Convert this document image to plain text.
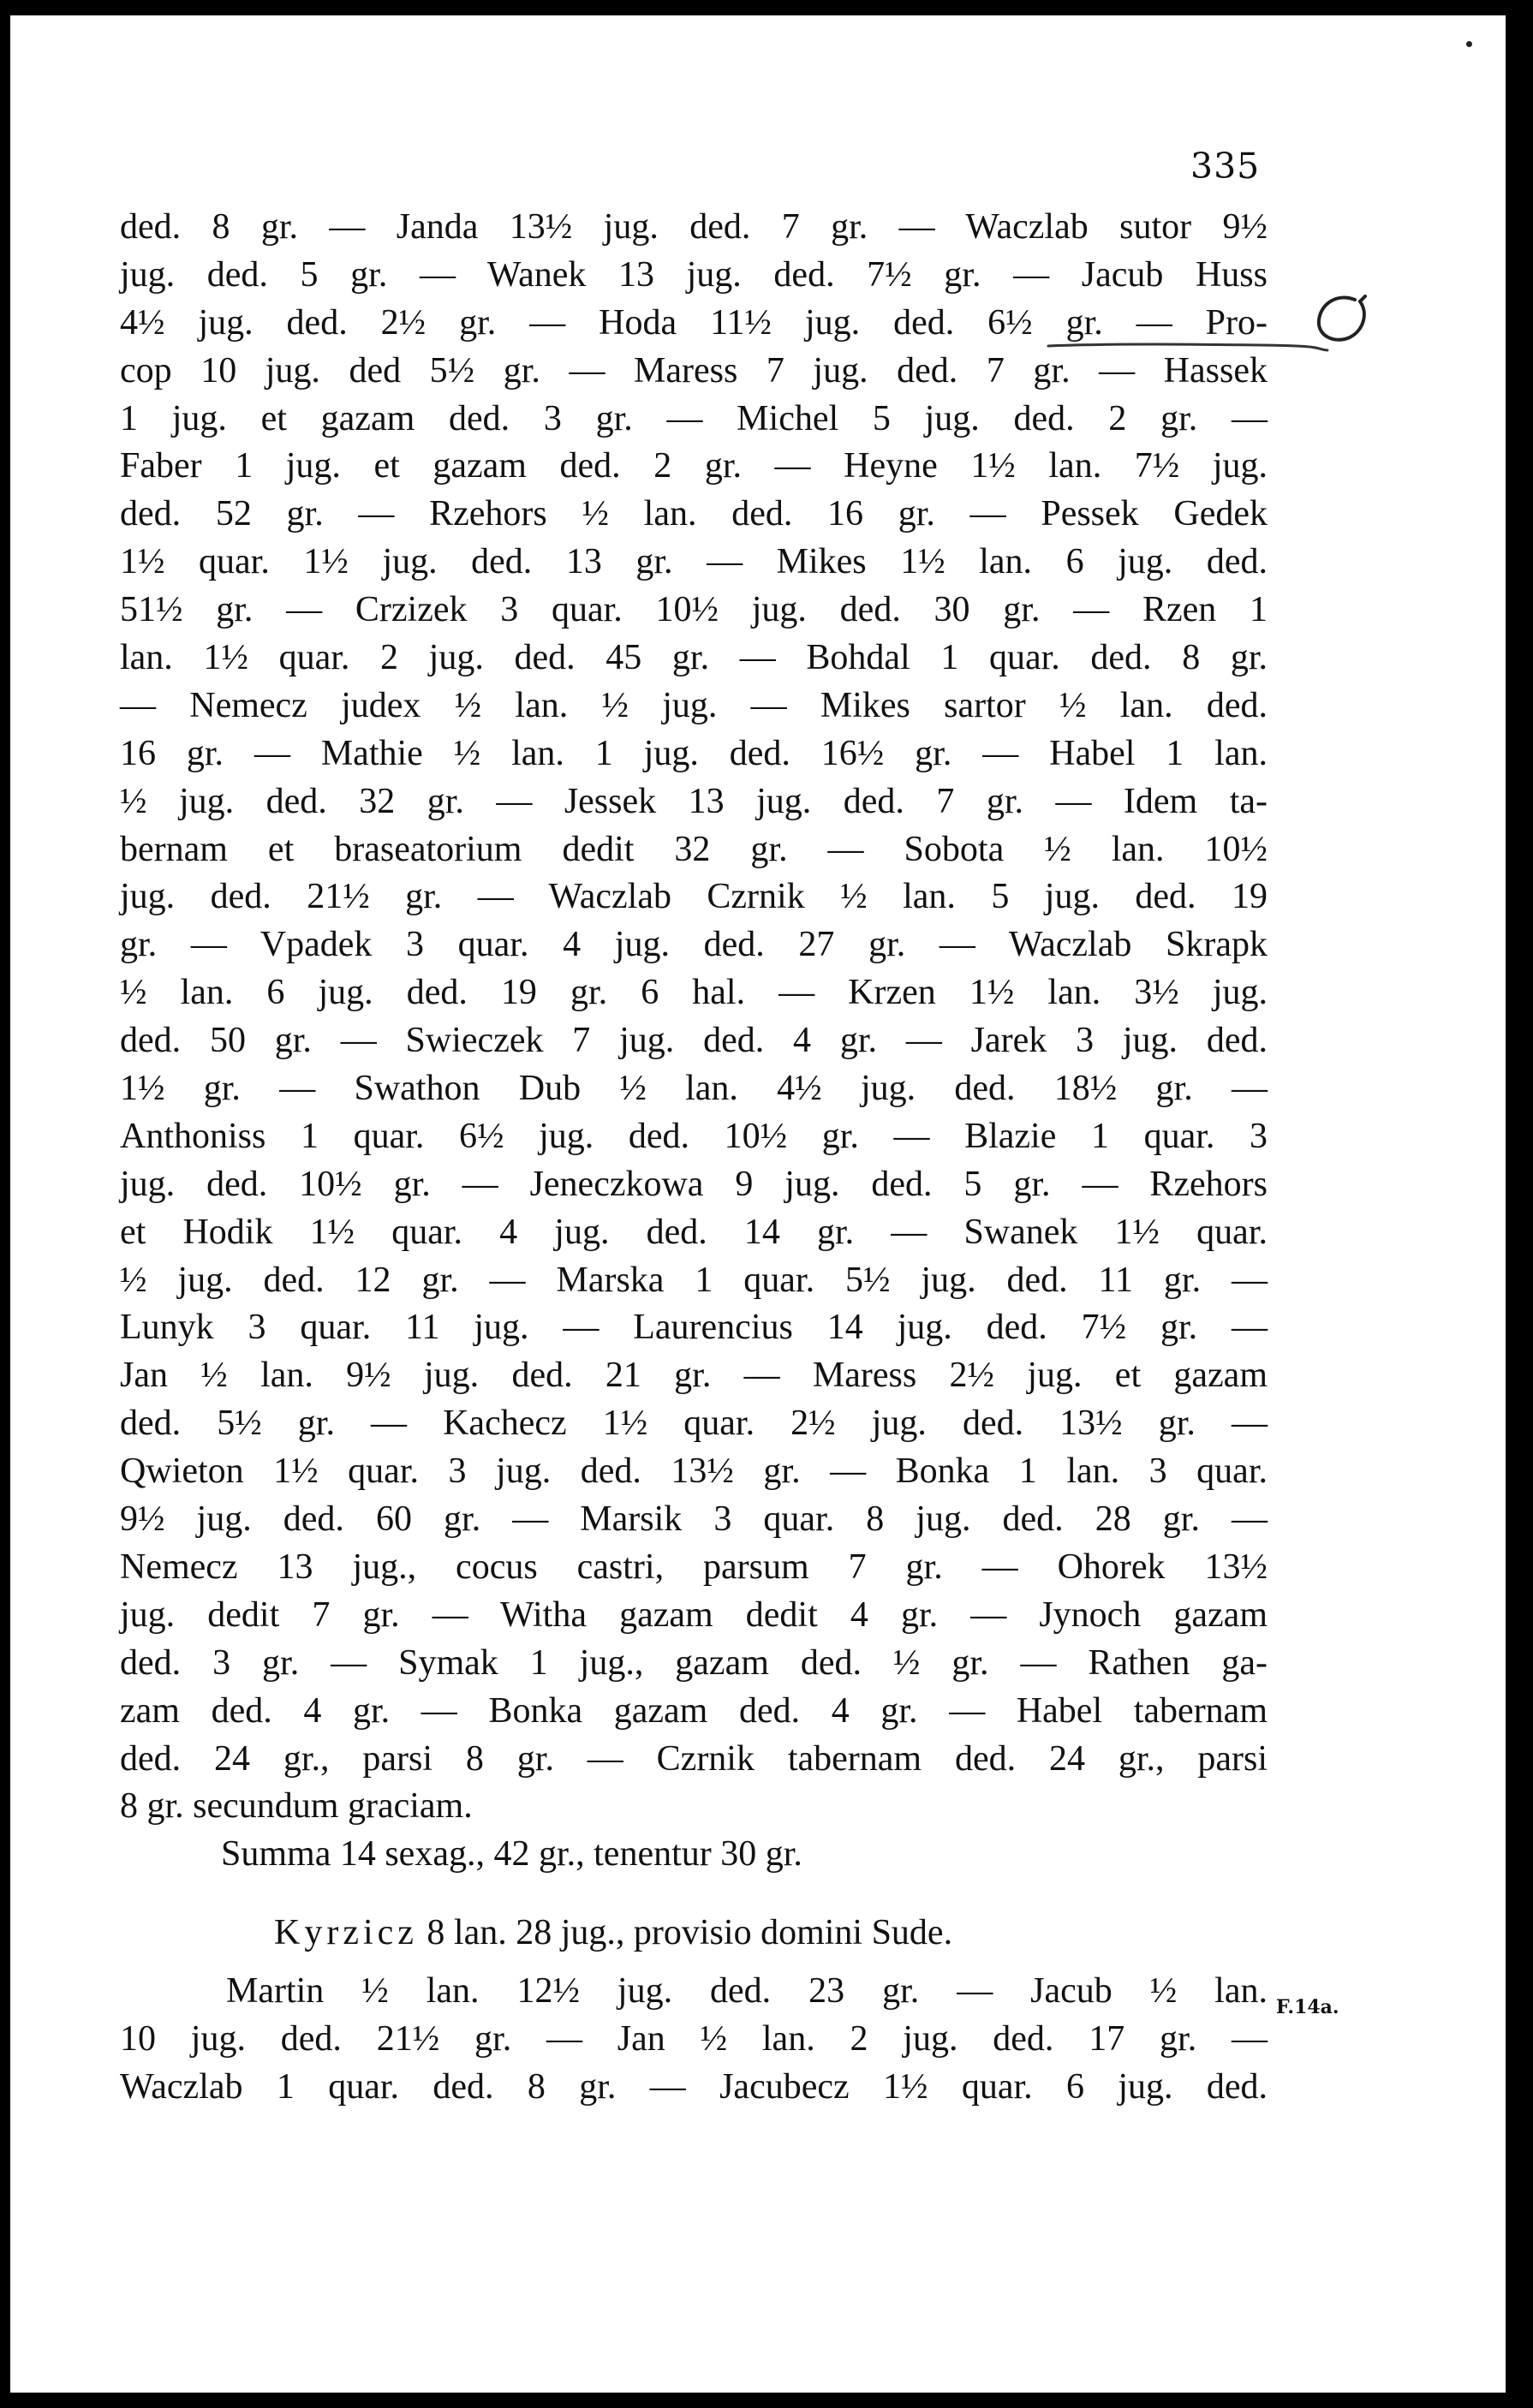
335
ded. 8 gr. — Janda 13½ jug. ded. 7 gr. — Waczlab sutor 9½
jug. ded. 5 gr. — Wanek 13 jug. ded. 7½ gr. — Jacub Huss
4½ jug. ded. 2½ gr. — Hoda 11½ jug. ded. 6½ gr. — Pro-
cop 10 jug. ded 5½ gr. — Maress 7 jug. ded. 7 gr. — Hassek
1 jug. et gazam ded. 3 gr. — Michel 5 jug. ded. 2 gr. —
Faber 1 jug. et gazam ded. 2 gr. — Heyne 1½ lan. 7½ jug.
ded. 52 gr. — Rzehors ½ lan. ded. 16 gr. — Pessek Gedek
1½ quar. 1½ jug. ded. 13 gr. — Mikes 1½ lan. 6 jug. ded.
51½ gr. — Crzizek 3 quar. 10½ jug. ded. 30 gr. — Rzen 1
lan. 1½ quar. 2 jug. ded. 45 gr. — Bohdal 1 quar. ded. 8 gr.
— Nemecz judex ½ lan. ½ jug. — Mikes sartor ½ lan. ded.
16 gr. — Mathie ½ lan. 1 jug. ded. 16½ gr. — Habel 1 lan.
½ jug. ded. 32 gr. — Jessek 13 jug. ded. 7 gr. — Idem ta-
bernam et braseatorium dedit 32 gr. — Sobota ½ lan. 10½
jug. ded. 21½ gr. — Waczlab Czrnik ½ lan. 5 jug. ded. 19
gr. — Vpadek 3 quar. 4 jug. ded. 27 gr. — Waczlab Skrapk
½ lan. 6 jug. ded. 19 gr. 6 hal. — Krzen 1½ lan. 3½ jug.
ded. 50 gr. — Swieczek 7 jug. ded. 4 gr. — Jarek 3 jug. ded.
1½ gr. — Swathon Dub ½ lan. 4½ jug. ded. 18½ gr. —
Anthoniss 1 quar. 6½ jug. ded. 10½ gr. — Blazie 1 quar. 3
jug. ded. 10½ gr. — Jeneczkowa 9 jug. ded. 5 gr. — Rzehors
et Hodik 1½ quar. 4 jug. ded. 14 gr. — Swanek 1½ quar.
½ jug. ded. 12 gr. — Marska 1 quar. 5½ jug. ded. 11 gr. —
Lunyk 3 quar. 11 jug. — Laurencius 14 jug. ded. 7½ gr. —
Jan ½ lan. 9½ jug. ded. 21 gr. — Maress 2½ jug. et gazam
ded. 5½ gr. — Kachecz 1½ quar. 2½ jug. ded. 13½ gr. —
Qwieton 1½ quar. 3 jug. ded. 13½ gr. — Bonka 1 lan. 3 quar.
9½ jug. ded. 60 gr. — Marsik 3 quar. 8 jug. ded. 28 gr. —
Nemecz 13 jug., cocus castri, parsum 7 gr. — Ohorek 13½
jug. dedit 7 gr. — Witha gazam dedit 4 gr. — Jynoch gazam
ded. 3 gr. — Symak 1 jug., gazam ded. ½ gr. — Rathen ga-
zam ded. 4 gr. — Bonka gazam ded. 4 gr. — Habel tabernam
ded. 24 gr., parsi 8 gr. — Czrnik tabernam ded. 24 gr., parsi
8 gr. secundum graciam.
Summa 14 sexag., 42 gr., tenentur 30 gr.
Kyrzicz 8 lan. 28 jug., provisio domini Sude.
Martin ½ lan. 12½ jug. ded. 23 gr. — Jacub ½ lan.
10 jug. ded. 21½ gr. — Jan ½ lan. 2 jug. ded. 17 gr. —
Waczlab 1 quar. ded. 8 gr. — Jacubecz 1½ quar. 6 jug. ded.
F.14a.
